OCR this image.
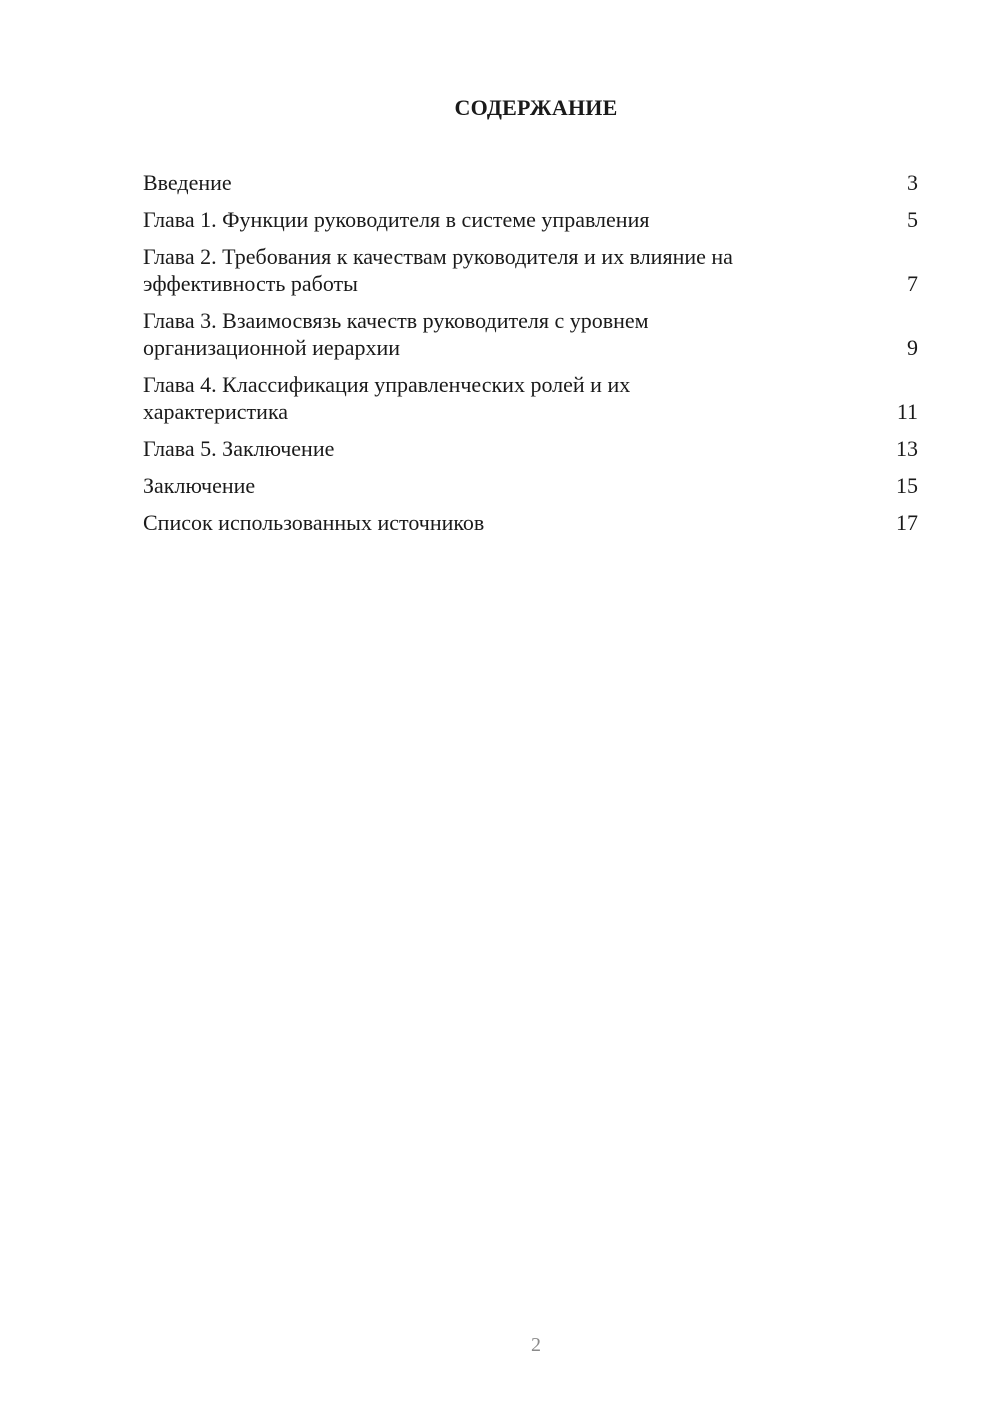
СОДЕРЖАНИЕ
Введение	3
Глава 1. Функции руководителя в системе управления	5
Глава 2. Требования к качествам руководителя и их влияние на
эффективность работы	7
Глава 3. Взаимосвязь качеств руководителя с уровнем
организационной иерархии	9
Глава 4. Классификация управленческих ролей и их
характеристика	11
Глава 5. Заключение	13
Заключение	15
Список использованных источников	17
2
